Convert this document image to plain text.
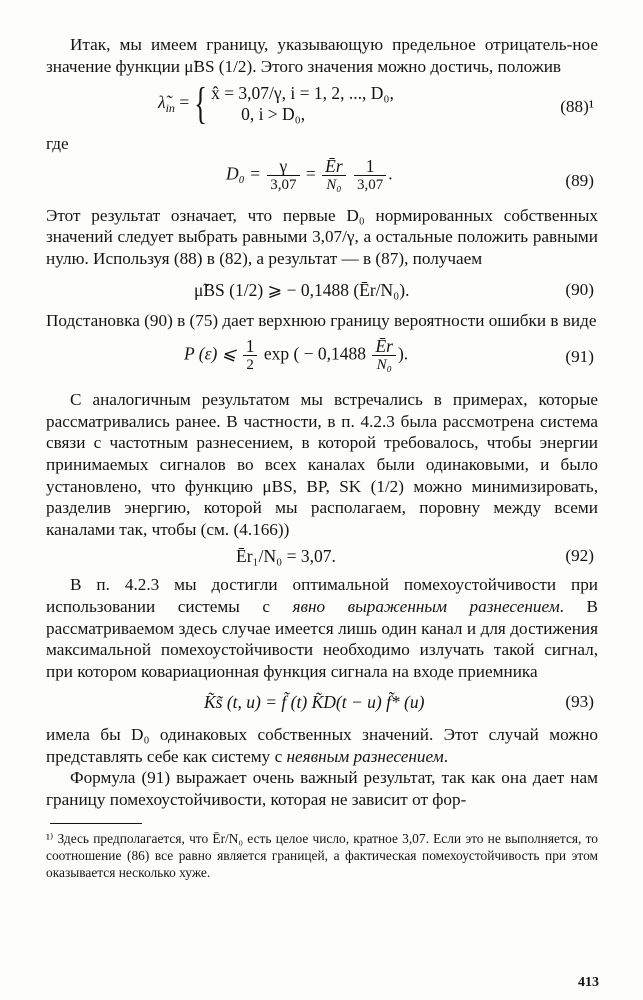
Итак, мы имеем границу, указывающую предельное отрицатель-ное значение функции μ̃BS (1/2). Этого значения можно достичь, положив

$\lambdã_{in}$ = { x̂ = 3,07/γ, i = 1, 2, ..., D₀,
0, i > D₀,	(88)¹

где

$D_0 = \frac{\gamma}{3,07} = \frac{Ēr}{\text{N₀}}$
$\frac{1}{3,07}$ .	(89)

Этот результат означает, что первые D₀ нормированных собственных значений следует выбрать равными 3,07/γ, а остальные положить равными нулю. Используя (88) в (82), а результат — в (87), получаем

μ̃BS (1/2) ⩾ − 0,1488 (Ēr/N₀).	(90)

Подстановка (90) в (75) дает верхнюю границу вероятности ошибки в виде

P (ε) ⩽ $\frac{1}{2}$ exp ( − $0,1488 \frac{Ēr}{\text{N₀}}$ ).	(91)

С аналогичным результатом мы встречались в примерах, которые рассматривались ранее. В частности, в п. 4.2.3 была рассмотрена система связи с частотным разнесением, в которой требовалось, чтобы энергии принимаемых сигналов во всех каналах были одинаковыми, и было установлено, что функцию μBS, BP, SK (1/2) можно минимизировать, разделив энергию, которой мы располагаем, поровну между всеми каналами так, чтобы (см. (4.166))

Ēr₁/N₀ = 3,07.	(92)

В п. 4.2.3 мы достигли оптимальной помехоустойчивости при использовании системы с явно выраженным разнесением. В рассматриваемом здесь случае имеется лишь один канал и для достижения максимальной помехоустойчивости необходимо излучать такой сигнал, при котором ковариационная функция сигнала на входе приемника

K̃s̃ (t, u) = f̃ (t) K̃D(t − u) f̃* (u)	(93)

имела бы D₀ одинаковых собственных значений. Этот случай можно представлять себе как систему с неявным разнесением.

Формула (91) выражает очень важный результат, так как она дает нам границу помехоустойчивости, которая не зависит от фор-

¹⁾ Здесь предполагается, что Ēr/N₀ есть целое число, кратное 3,07. Если это не выполняется, то соотношение (86) все равно является границей, а фактическая помехоустойчивость при этом оказывается несколько хуже.

413
